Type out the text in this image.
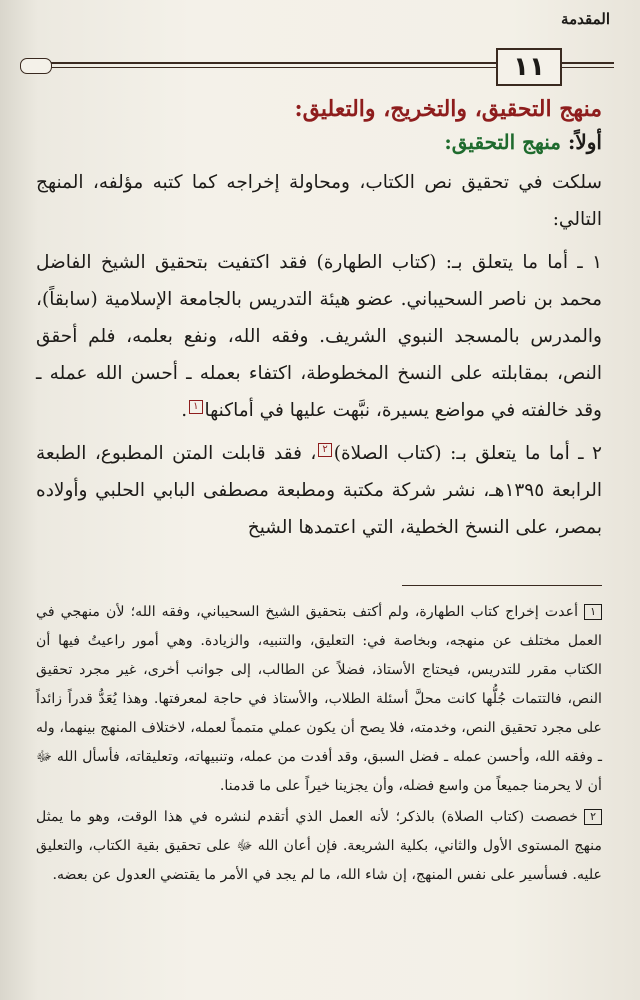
المقدمة
١١
منهج التحقيق، والتخريج، والتعليق:
أولاً: منهج التحقيق:

سلكت في تحقيق نص الكتاب، ومحاولة إخراجه كما كتبه مؤلفه، المنهج التالي:

١ ـ أما ما يتعلق بـ: (كتاب الطهارة) فقد اكتفيت بتحقيق الشيخ الفاضل محمد بن ناصر السحيباني. عضو هيئة التدريس بالجامعة الإسلامية (سابقاً)، والمدرس بالمسجد النبوي الشريف. وفقه الله، ونفع بعلمه، فلم أحقق النص، بمقابلته على النسخ المخطوطة، اكتفاء بعمله ـ أحسن الله عمله ـ وقد خالفته في مواضع يسيرة، نبَّهت عليها في أماكنها١.

٢ ـ أما ما يتعلق بـ: (كتاب الصلاة)٢، فقد قابلت المتن المطبوع، الطبعة الرابعة ١٣٩٥هـ، نشر شركة مكتبة ومطبعة مصطفى البابي الحلبي وأولاده بمصر، على النسخ الخطية، التي اعتمدها الشيخ

١أعدت إخراج كتاب الطهارة، ولم أكتف بتحقيق الشيخ السحيباني، وفقه الله؛ لأن منهجي في العمل مختلف عن منهجه، وبخاصة في: التعليق، والتنبيه، والزيادة. وهي أمور راعيتُ فيها أن الكتاب مقرر للتدريس، فيحتاج الأستاذ، فضلاً عن الطالب، إلى جوانب أخرى، غير مجرد تحقيق النص، فالتتمات جُلُّها كانت محلَّ أسئلة الطلاب، والأستاذ في حاجة لمعرفتها. وهذا يُعَدُّ قدراً زائداً على مجرد تحقيق النص، وخدمته، فلا يصح أن يكون عملي متمماً لعمله، لاختلاف المنهج بينهما، وله ـ وفقه الله، وأحسن عمله ـ فضل السبق، وقد أفدت من عمله، وتنبيهاته، وتعليقاته، فأسأل الله ﷻ أن لا يحرمنا جميعاً من واسع فضله، وأن يجزينا خيراً على ما قدمنا.

٢خصصت (كتاب الصلاة) بالذكر؛ لأنه العمل الذي أتقدم لنشره في هذا الوقت، وهو ما يمثل منهج المستوى الأول والثاني، بكلية الشريعة. فإن أعان الله ﷻ على تحقيق بقية الكتاب، والتعليق عليه. فسأسير على نفس المنهج، إن شاء الله، ما لم يجد في الأمر ما يقتضي العدول عن بعضه.
